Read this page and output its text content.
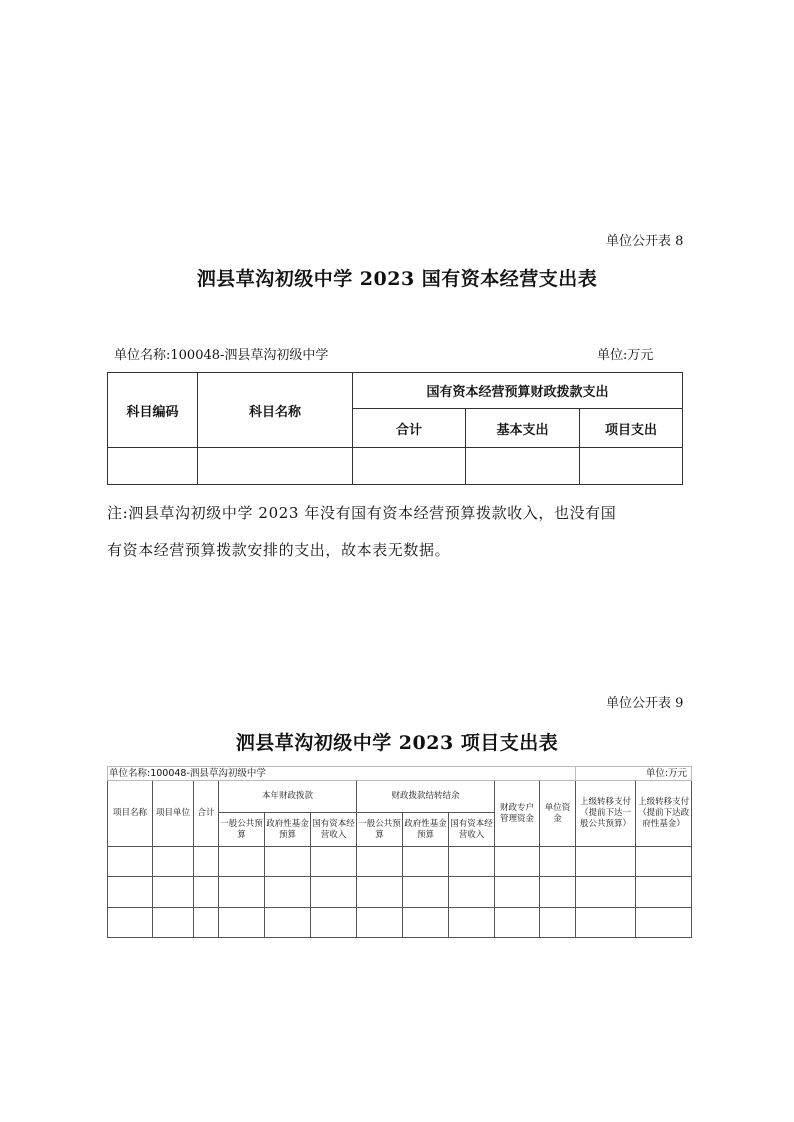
单位公开表 8
泗县草沟初级中学 2023 国有资本经营支出表
单位名称:100048-泗县草沟初级中学	单位:万元
科目编码	科目名称	国有资本经营预算财政拨款支出		
		合计	基本支出	项目支出

注:泗县草沟初级中学 2023 年没有国有资本经营预算拨款收入，也没有国
有资本经营预算拨款安排的支出，故本表无数据。
单位公开表 9
泗县草沟初级中学 2023 项目支出表
单位名称:100048-泗县草沟初级中学											单位:万元	
项目名称	项目单位	合计	本年财政拨款			财政拨款结转结余			财政专户管理资金	单位资金	上级转移支付（提前下达一般公共预算）	上级转移支付（提前下达政府性基金）
			一般公共预算	政府性基金预算	国有资本经营收入	一般公共预算	政府性基金预算	国有资本经营收入				
